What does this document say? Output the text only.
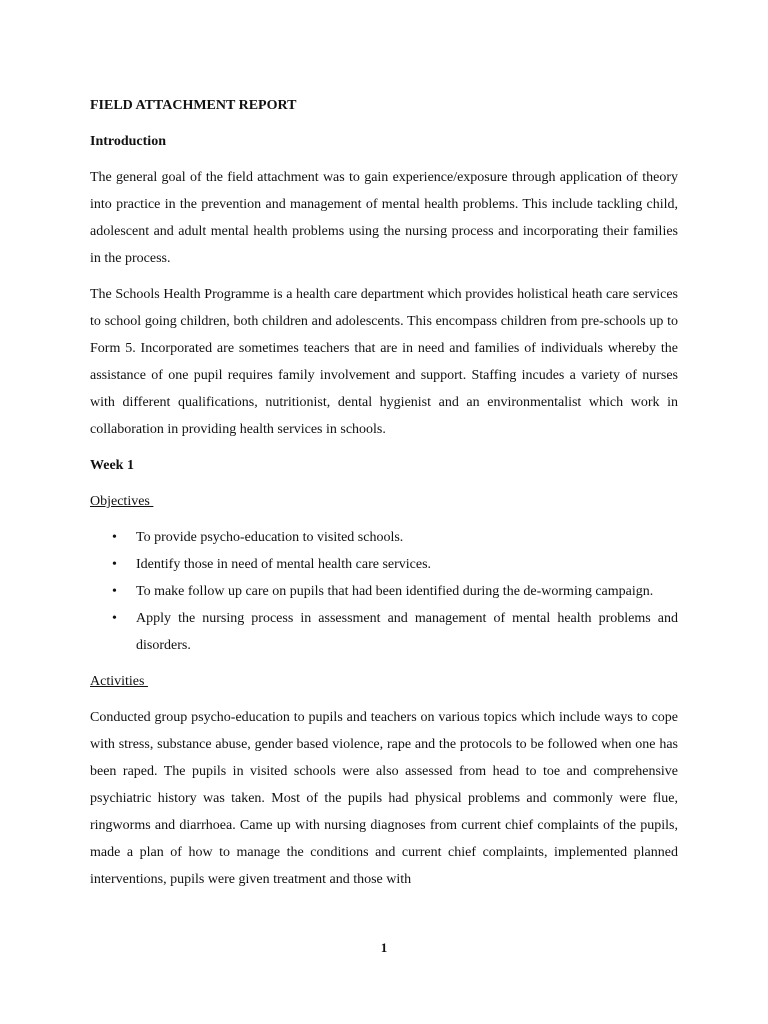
FIELD ATTACHMENT REPORT
Introduction
The general goal of the field attachment was to gain experience/exposure through application of theory into practice in the prevention and management of mental health problems. This include tackling child, adolescent and adult mental health problems using the nursing process and incorporating their families in the process.
The Schools Health Programme is a health care department which provides holistical heath care services to school going children, both children and adolescents. This encompass children from pre-schools up to Form 5. Incorporated are sometimes teachers that are in need and families of individuals whereby the assistance of one pupil requires family involvement and support. Staffing incudes a variety of nurses with different qualifications, nutritionist, dental hygienist and an environmentalist which work in collaboration in providing health services in schools.
Week 1
Objectives
• To provide psycho-education to visited schools.
• Identify those in need of mental health care services.
• To make follow up care on pupils that had been identified during the de-worming campaign.
• Apply the nursing process in assessment and management of mental health problems and disorders.
Activities
Conducted group psycho-education to pupils and teachers on various topics which include ways to cope with stress, substance abuse, gender based violence, rape and the protocols to be followed when one has been raped. The pupils in visited schools were also assessed from head to toe and comprehensive psychiatric history was taken. Most of the pupils had physical problems and commonly were flue, ringworms and diarrhoea. Came up with nursing diagnoses from current chief complaints of the pupils, made a plan of how to manage the conditions and current chief complaints, implemented planned interventions, pupils were given treatment and those with
1
